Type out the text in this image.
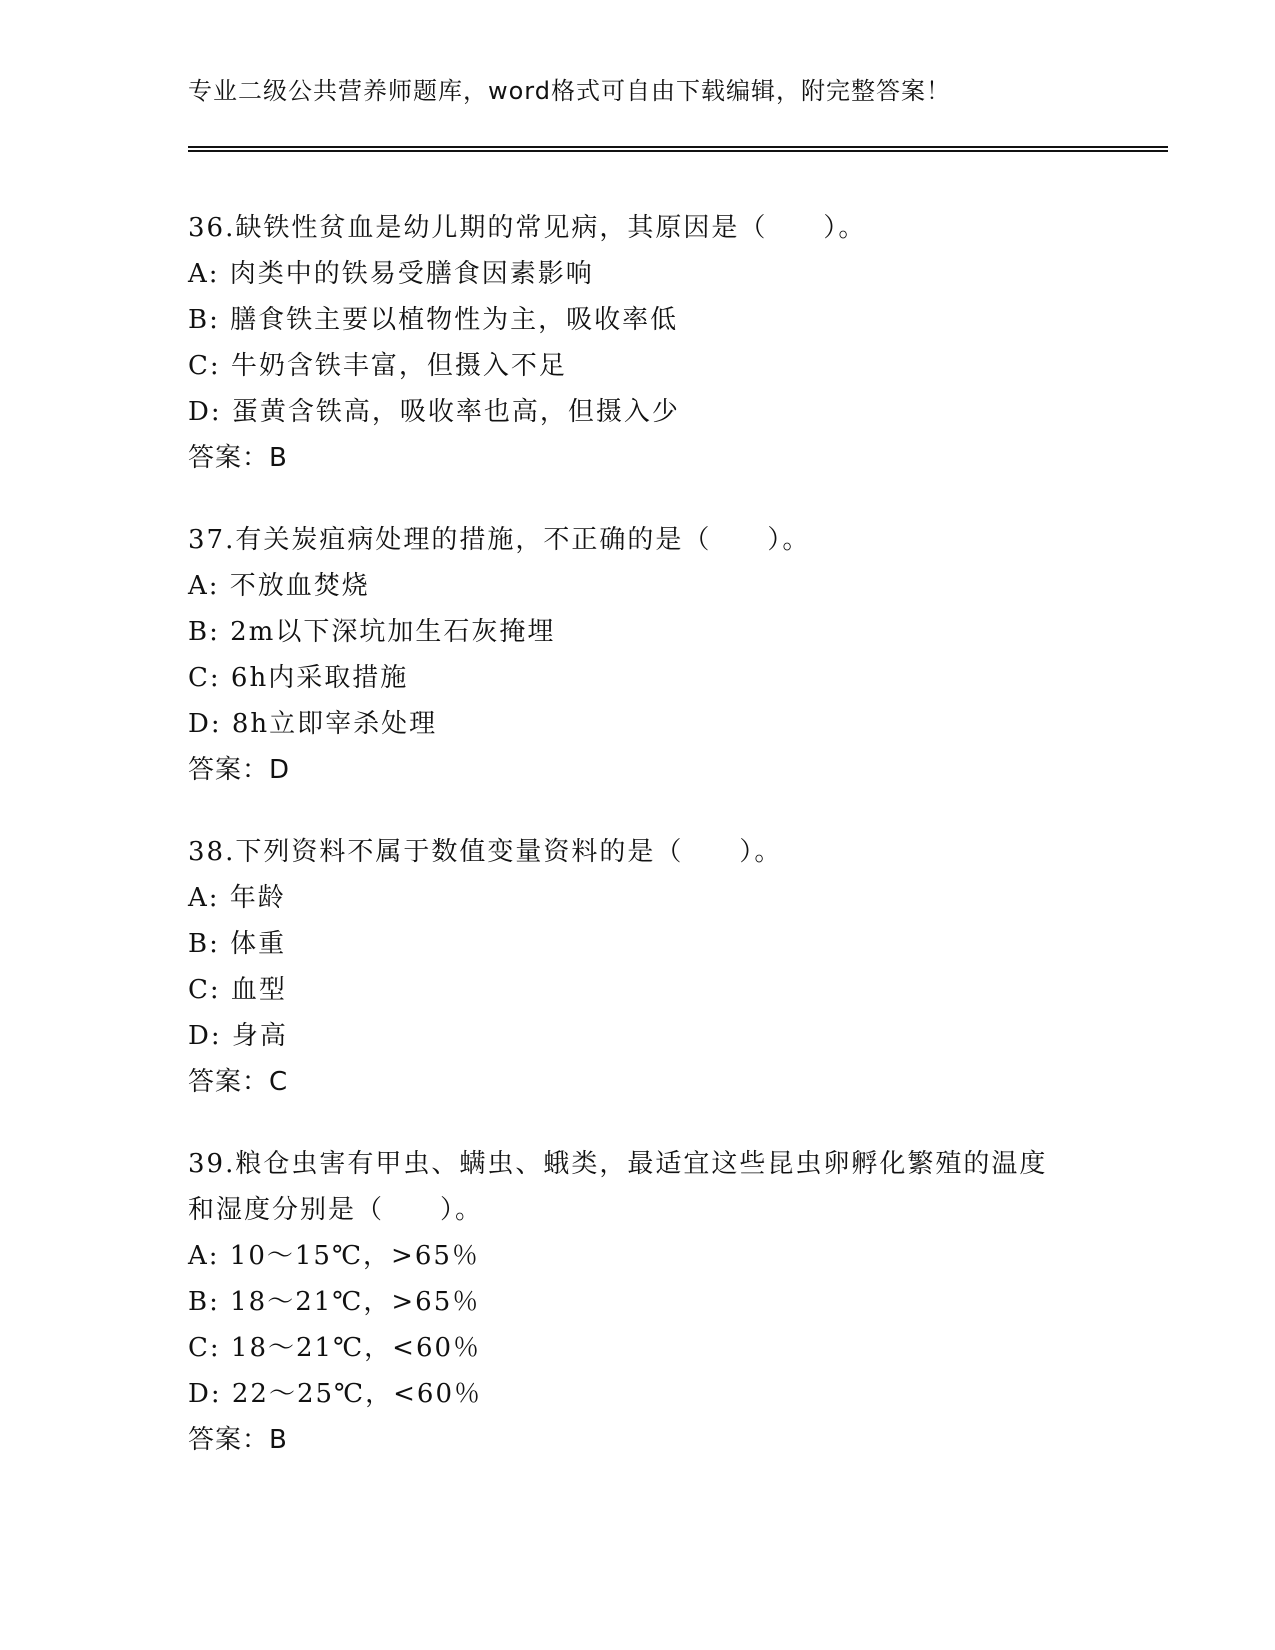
专业二级公共营养师题库，word格式可自由下载编辑，附完整答案！
36.缺铁性贫血是幼儿期的常见病，其原因是（　　）。
A: 肉类中的铁易受膳食因素影响
B: 膳食铁主要以植物性为主，吸收率低
C: 牛奶含铁丰富，但摄入不足
D: 蛋黄含铁高，吸收率也高，但摄入少
答案：B
37.有关炭疽病处理的措施，不正确的是（　　）。
A: 不放血焚烧
B: 2m以下深坑加生石灰掩埋
C: 6h内采取措施
D: 8h立即宰杀处理
答案：D
38.下列资料不属于数值变量资料的是（　　）。
A: 年龄
B: 体重
C: 血型
D: 身高
答案：C
39.粮仓虫害有甲虫、螨虫、蛾类，最适宜这些昆虫卵孵化繁殖的温度
和湿度分别是（　　）。
A: 10～15℃，>65％
B: 18～21℃，>65％
C: 18～21℃，<60％
D: 22～25℃，<60％
答案：B
